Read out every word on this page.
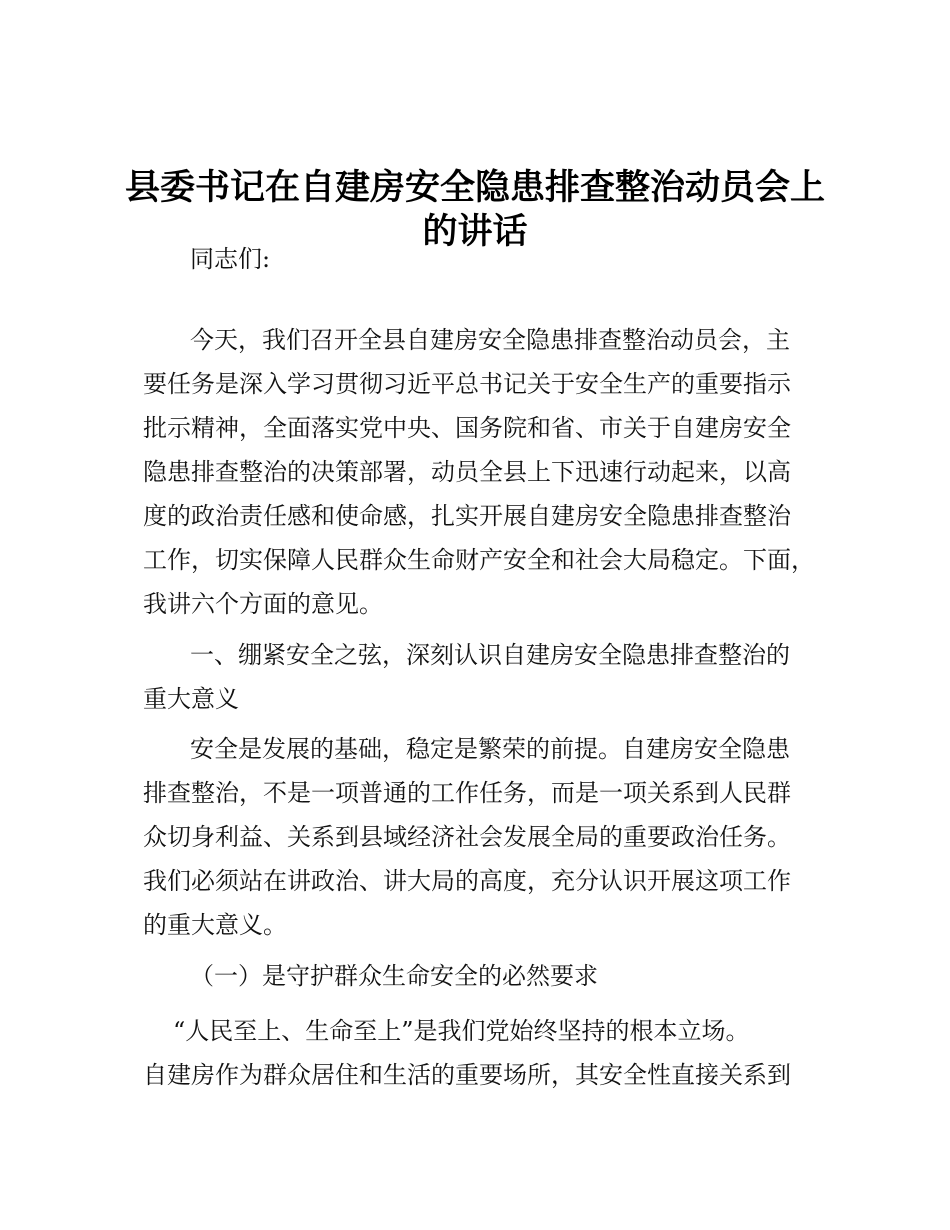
县委书记在自建房安全隐患排查整治动员会上
的讲话

同志们:

今天，我们召开全县自建房安全隐患排查整治动员会，主

要任务是深入学习贯彻习近平总书记关于安全生产的重要指示

批示精神，全面落实党中央、国务院和省、市关于自建房安全

隐患排查整治的决策部署，动员全县上下迅速行动起来，以高

度的政治责任感和使命感，扎实开展自建房安全隐患排查整治

工作，切实保障人民群众生命财产安全和社会大局稳定。下面，

我讲六个方面的意见。

一、绷紧安全之弦，深刻认识自建房安全隐患排查整治的

重大意义

安全是发展的基础，稳定是繁荣的前提。自建房安全隐患

排查整治，不是一项普通的工作任务，而是一项关系到人民群

众切身利益、关系到县域经济社会发展全局的重要政治任务。

我们必须站在讲政治、讲大局的高度，充分认识开展这项工作

的重大意义。

（一）是守护群众生命安全的必然要求

“人民至上、生命至上”是我们党始终坚持的根本立场。

自建房作为群众居住和生活的重要场所，其安全性直接关系到
